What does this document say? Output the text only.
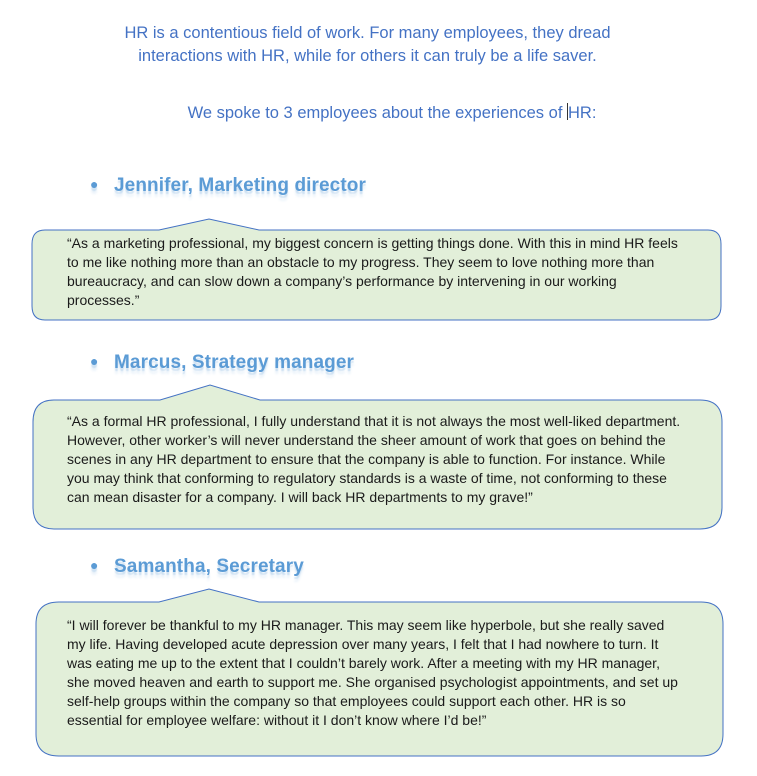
HR is a contentious field of work. For many employees, they dread
interactions with HR, while for others it can truly be a life saver.
We spoke to 3 employees about the experiences of HR:
● Jennifer, Marketing director
“As a marketing professional, my biggest concern is getting things done. With this in mind HR feels to me like nothing more than an obstacle to my progress. They seem to love nothing more than bureaucracy, and can slow down a company’s performance by intervening in our working processes.”
● Marcus, Strategy manager
“As a formal HR professional, I fully understand that it is not always the most well-liked department. However, other worker’s will never understand the sheer amount of work that goes on behind the scenes in any HR department to ensure that the company is able to function. For instance. While you may think that conforming to regulatory standards is a waste of time, not conforming to these can mean disaster for a company. I will back HR departments to my grave!”
● Samantha, Secretary
“I will forever be thankful to my HR manager. This may seem like hyperbole, but she really saved my life. Having developed acute depression over many years, I felt that I had nowhere to turn. It was eating me up to the extent that I couldn’t barely work. After a meeting with my HR manager, she moved heaven and earth to support me. She organised psychologist appointments, and set up self-help groups within the company so that employees could support each other. HR is so essential for employee welfare: without it I don’t know where I’d be!”
